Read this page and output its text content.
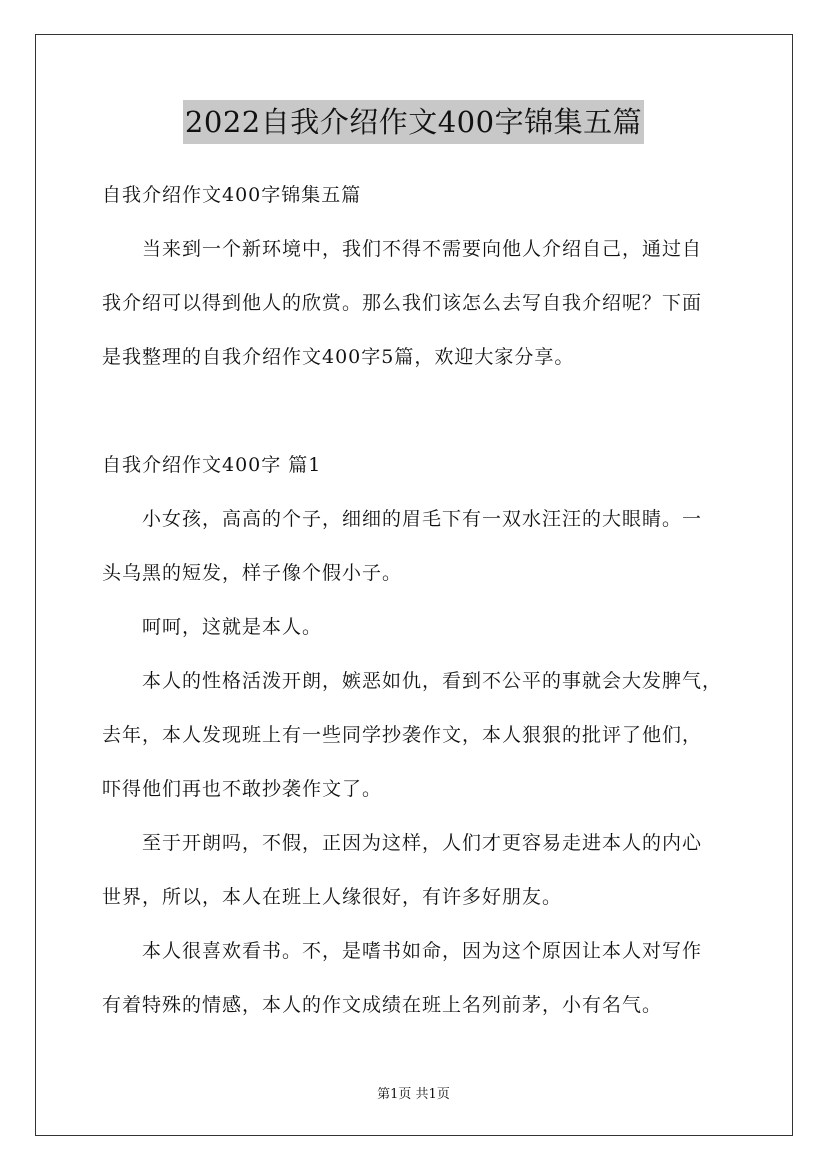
2022自我介绍作文400字锦集五篇
自我介绍作文400字锦集五篇
当来到一个新环境中，我们不得不需要向他人介绍自己，通过自
我介绍可以得到他人的欣赏。那么我们该怎么去写自我介绍呢？下面
是我整理的自我介绍作文400字5篇，欢迎大家分享。
自我介绍作文400字 篇1
小女孩，高高的个子，细细的眉毛下有一双水汪汪的大眼睛。一
头乌黑的短发，样子像个假小子。
呵呵，这就是本人。
本人的性格活泼开朗，嫉恶如仇，看到不公平的事就会大发脾气，
去年，本人发现班上有一些同学抄袭作文，本人狠狠的批评了他们，
吓得他们再也不敢抄袭作文了。
至于开朗吗，不假，正因为这样，人们才更容易走进本人的内心
世界，所以，本人在班上人缘很好，有许多好朋友。
本人很喜欢看书。不，是嗜书如命，因为这个原因让本人对写作
有着特殊的情感，本人的作文成绩在班上名列前茅，小有名气。
第1页 共1页
